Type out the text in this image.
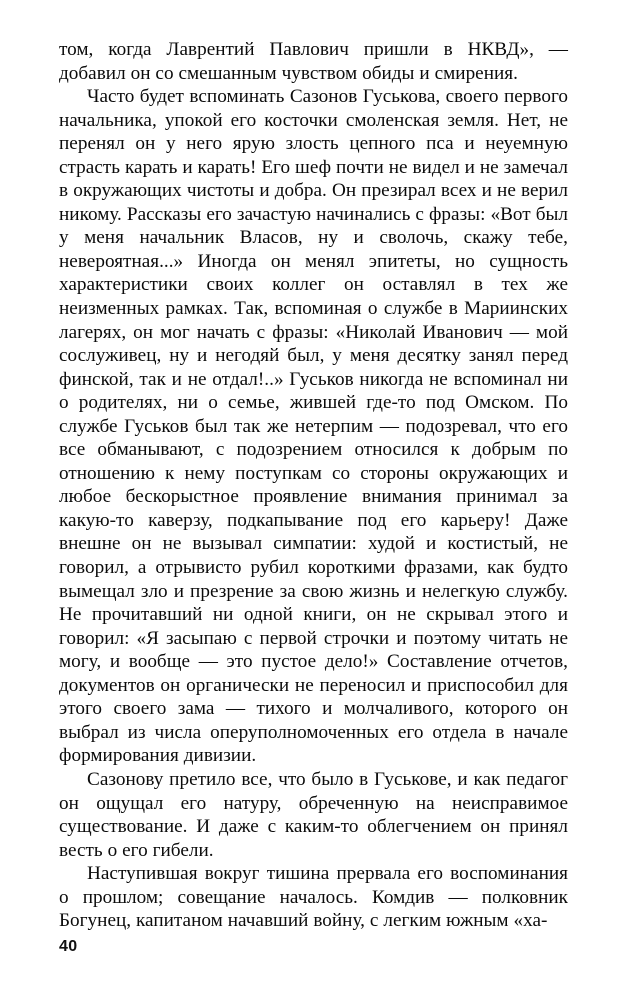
том, когда Лаврентий Павлович пришли в НКВД», — добавил он со смешанным чувством обиды и смирения.

Часто будет вспоминать Сазонов Гуськова, своего первого начальника, упокой его косточки смоленская земля. Нет, не перенял он у него ярую злость цепного пса и неуемную страсть карать и карать! Его шеф почти не видел и не замечал в окружающих чистоты и добра. Он презирал всех и не верил никому. Рассказы его зачастую начинались с фразы: «Вот был у меня начальник Власов, ну и сволочь, скажу тебе, невероятная...» Иногда он менял эпитеты, но сущность характеристики своих коллег он оставлял в тех же неизменных рамках. Так, вспоминая о службе в Мариинских лагерях, он мог начать с фразы: «Николай Иванович — мой сослуживец, ну и негодяй был, у меня десятку занял перед финской, так и не отдал!..» Гуськов никогда не вспоминал ни о родителях, ни о семье, жившей где-то под Омском. По службе Гуськов был так же нетерпим — подозревал, что его все обманывают, с подозрением относился к добрым по отношению к нему поступкам со стороны окружающих и любое бескорыстное проявление внимания принимал за какую-то каверзу, подкапывание под его карьеру! Даже внешне он не вызывал симпатии: худой и костистый, не говорил, а отрывисто рубил короткими фразами, как будто вымещал зло и презрение за свою жизнь и нелегкую службу. Не прочитавший ни одной книги, он не скрывал этого и говорил: «Я засыпаю с первой строчки и поэтому читать не могу, и вообще — это пустое дело!» Составление отчетов, документов он органически не переносил и приспособил для этого своего зама — тихого и молчаливого, которого он выбрал из числа оперуполномоченных его отдела в начале формирования дивизии.

Сазонову претило все, что было в Гуськове, и как педагог он ощущал его натуру, обреченную на неисправимое существование. И даже с каким-то облегчением он принял весть о его гибели.

Наступившая вокруг тишина прервала его воспоминания о прошлом; совещание началось. Комдив — полковник Богунец, капитаном начавший войну, с легким южным «ха-

40
